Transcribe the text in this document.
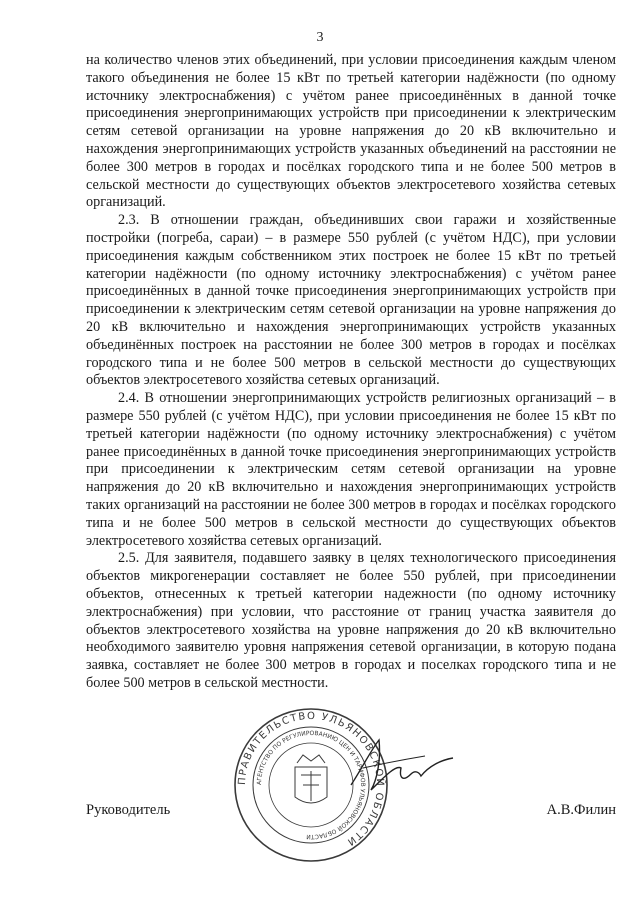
3

на количество членов этих объединений, при условии присоединения каждым членом такого объединения не более 15 кВт по третьей категории надёжности (по одному источнику электроснабжения) с учётом ранее присоединённых в данной точке присоединения энергопринимающих устройств при присоединении к электрическим сетям сетевой организации на уровне напряжения до 20 кВ включительно и нахождения энергопринимающих устройств указанных объединений на расстоянии не более 300 метров в городах и посёлках городского типа и не более 500 метров в сельской местности до существующих объектов электросетевого хозяйства сетевых организаций.

2.3. В отношении граждан, объединивших свои гаражи и хозяйственные постройки (погреба, сараи) – в размере 550 рублей (с учётом НДС), при условии присоединения каждым собственником этих построек не более 15 кВт по третьей категории надёжности (по одному источнику электроснабжения) с учётом ранее присоединённых в данной точке присоединения энергопринимающих устройств при присоединении к электрическим сетям сетевой организации на уровне напряжения до 20 кВ включительно и нахождения энергопринимающих устройств указанных объединённых построек на расстоянии не более 300 метров в городах и посёлках городского типа и не более 500 метров в сельской местности до существующих объектов электросетевого хозяйства сетевых организаций.

2.4. В отношении энергопринимающих устройств религиозных организаций – в размере 550 рублей (с учётом НДС), при условии присоединения не более 15 кВт по третьей категории надёжности (по одному источнику электроснабжения) с учётом ранее присоединённых в данной точке присоединения энергопринимающих устройств при присоединении к электрическим сетям сетевой организации на уровне напряжения до 20 кВ включительно и нахождения энергопринимающих устройств таких организаций на расстоянии не более 300 метров в городах и посёлках городского типа и не более 500 метров в сельской местности до существующих объектов электросетевого хозяйства сетевых организаций.

2.5. Для заявителя, подавшего заявку в целях технологического присоединения объектов микрогенерации составляет не более 550 рублей, при присоединении объектов, отнесенных к третьей категории надежности (по одному источнику электроснабжения) при условии, что расстояние от границ участка заявителя до объектов электросетевого хозяйства на уровне напряжения до 20 кВ включительно необходимого заявителю уровня напряжения сетевой организации, в которую подана заявка, составляет не более 300 метров в городах и поселках городского типа и не более 500 метров в сельской местности.

Руководитель
ПРАВИТЕЛЬСТВО УЛЬЯНОВСКОЙ ОБЛАСТИ
АГЕНТСТВО ПО РЕГУЛИРОВАНИЮ ЦЕН И ТАРИФОВ УЛЬЯНОВСКОЙ ОБЛАСТИ
А.В.Филин
